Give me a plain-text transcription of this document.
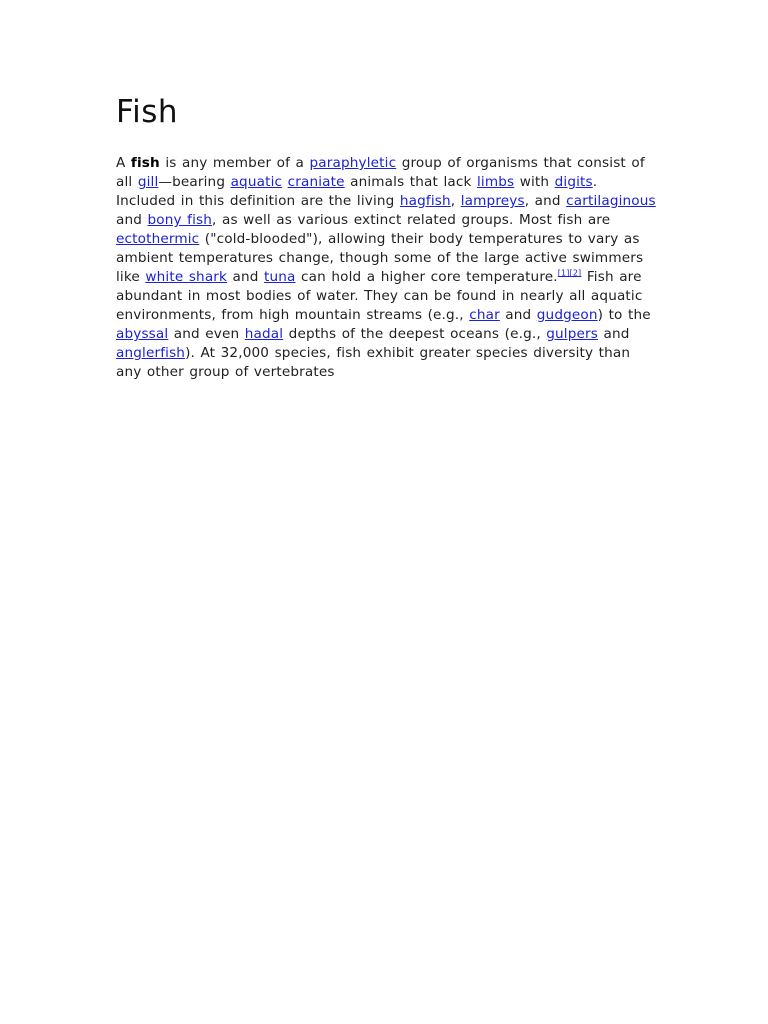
Fish

A fish is any member of a paraphyletic group of organisms that consist of all gill—bearing aquatic craniate animals that lack limbs with digits. Included in this definition are the living hagfish, lampreys, and cartilaginous and bony fish, as well as various extinct related groups. Most fish are ectothermic ("cold-blooded"), allowing their body temperatures to vary as ambient temperatures change, though some of the large active swimmers like white shark and tuna can hold a higher core temperature.[1][2] Fish are abundant in most bodies of water. They can be found in nearly all aquatic environments, from high mountain streams (e.g., char and gudgeon) to the abyssal and even hadal depths of the deepest oceans (e.g., gulpers and anglerfish). At 32,000 species, fish exhibit greater species diversity than any other group of vertebrates
